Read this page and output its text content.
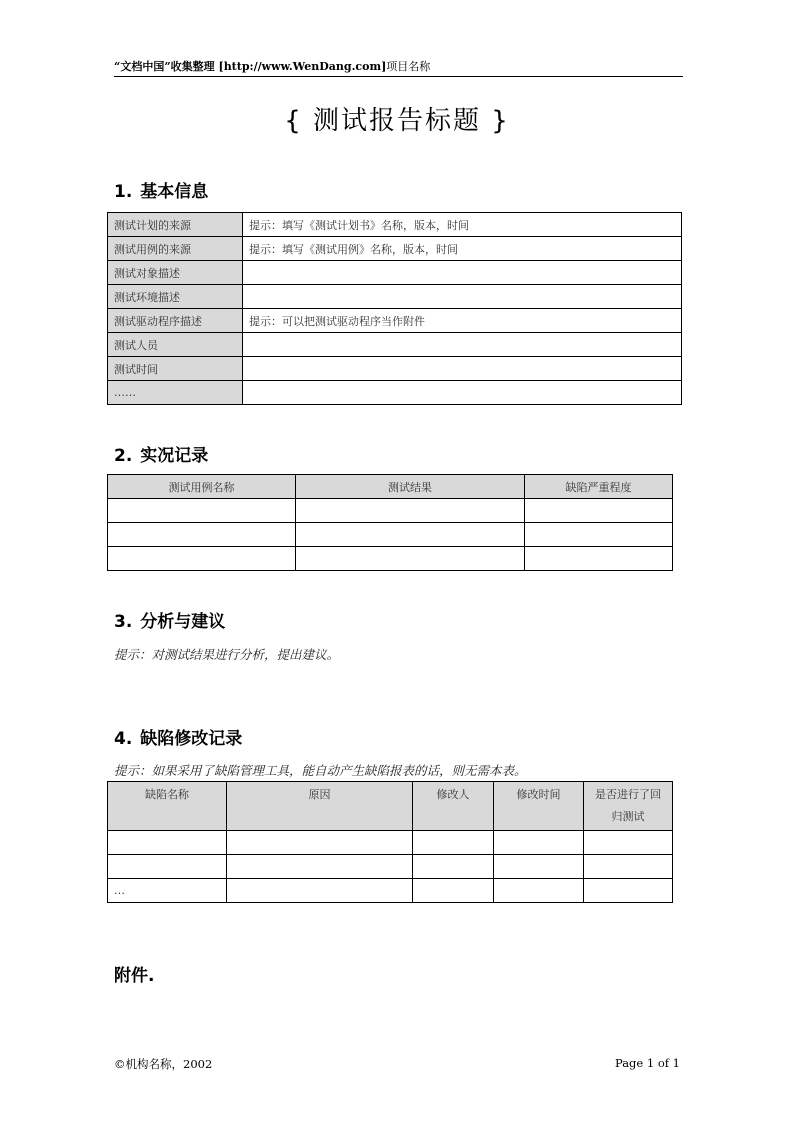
“文档中国”收集整理 [http://www.WenDang.com]项目名称
{ 测试报告标题 }
1. 基本信息
测试计划的来源	提示：填写《测试计划书》名称，版本，时间
测试用例的来源	提示：填写《测试用例》名称，版本，时间
测试对象描述	
测试环境描述	
测试驱动程序描述	提示：可以把测试驱动程序当作附件
测试人员	
测试时间	
……	
2. 实况记录
测试用例名称	测试结果	缺陷严重程度

3. 分析与建议
提示：对测试结果进行分析，提出建议。
4. 缺陷修改记录
提示：如果采用了缺陷管理工具，能自动产生缺陷报表的话，则无需本表。
缺陷名称	原因	修改人	修改时间	是否进行了回归测试

…				
附件.
©机构名称，2002	Page 1 of 1
